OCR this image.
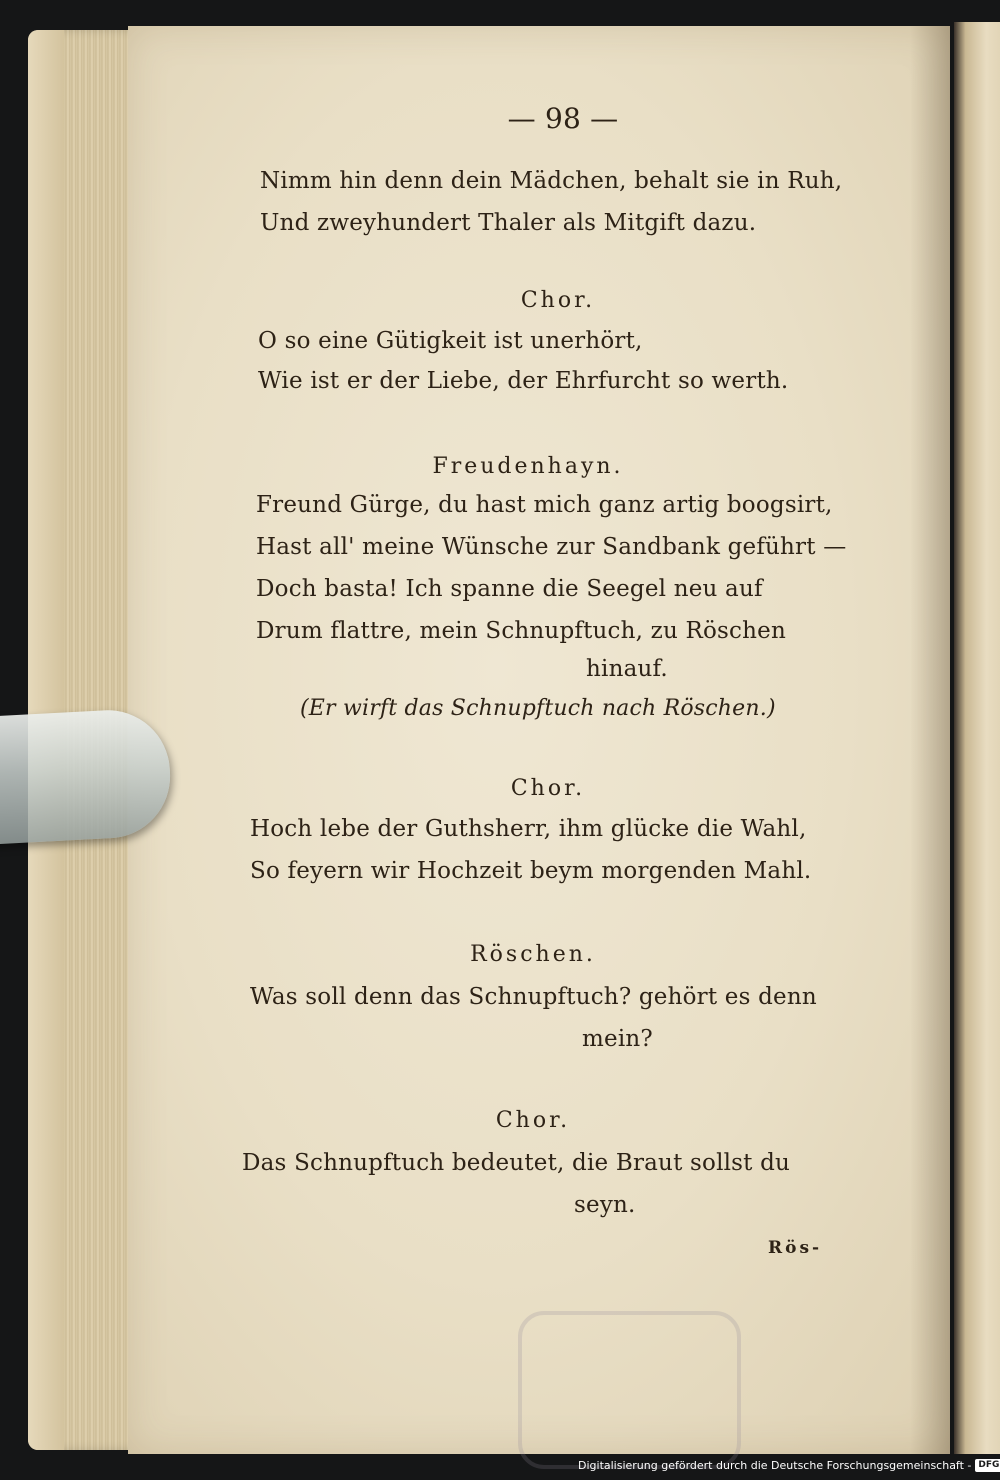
— 98 —
Nimm hin denn dein Mädchen, behalt sie in Ruh,
Und zweyhundert Thaler als Mitgift dazu.
Chor.
O so eine Gütigkeit ist unerhört,
Wie ist er der Liebe, der Ehrfurcht so werth.
Freudenhayn.
Freund Gürge, du hast mich ganz artig boogsirt,
Hast all' meine Wünsche zur Sandbank geführt —
Doch basta! Ich spanne die Seegel neu auf
Drum flattre, mein Schnupftuch, zu Röschen
hinauf.
(Er wirft das Schnupftuch nach Röschen.)
Chor.
Hoch lebe der Guthsherr, ihm glücke die Wahl,
So feyern wir Hochzeit beym morgenden Mahl.
Röschen.
Was soll denn das Schnupftuch? gehört es denn
mein?
Chor.
Das Schnupftuch bedeutet, die Braut sollst du
seyn.
Rös-
Digitalisierung gefördert durch die Deutsche Forschungsgemeinschaft - DFG
